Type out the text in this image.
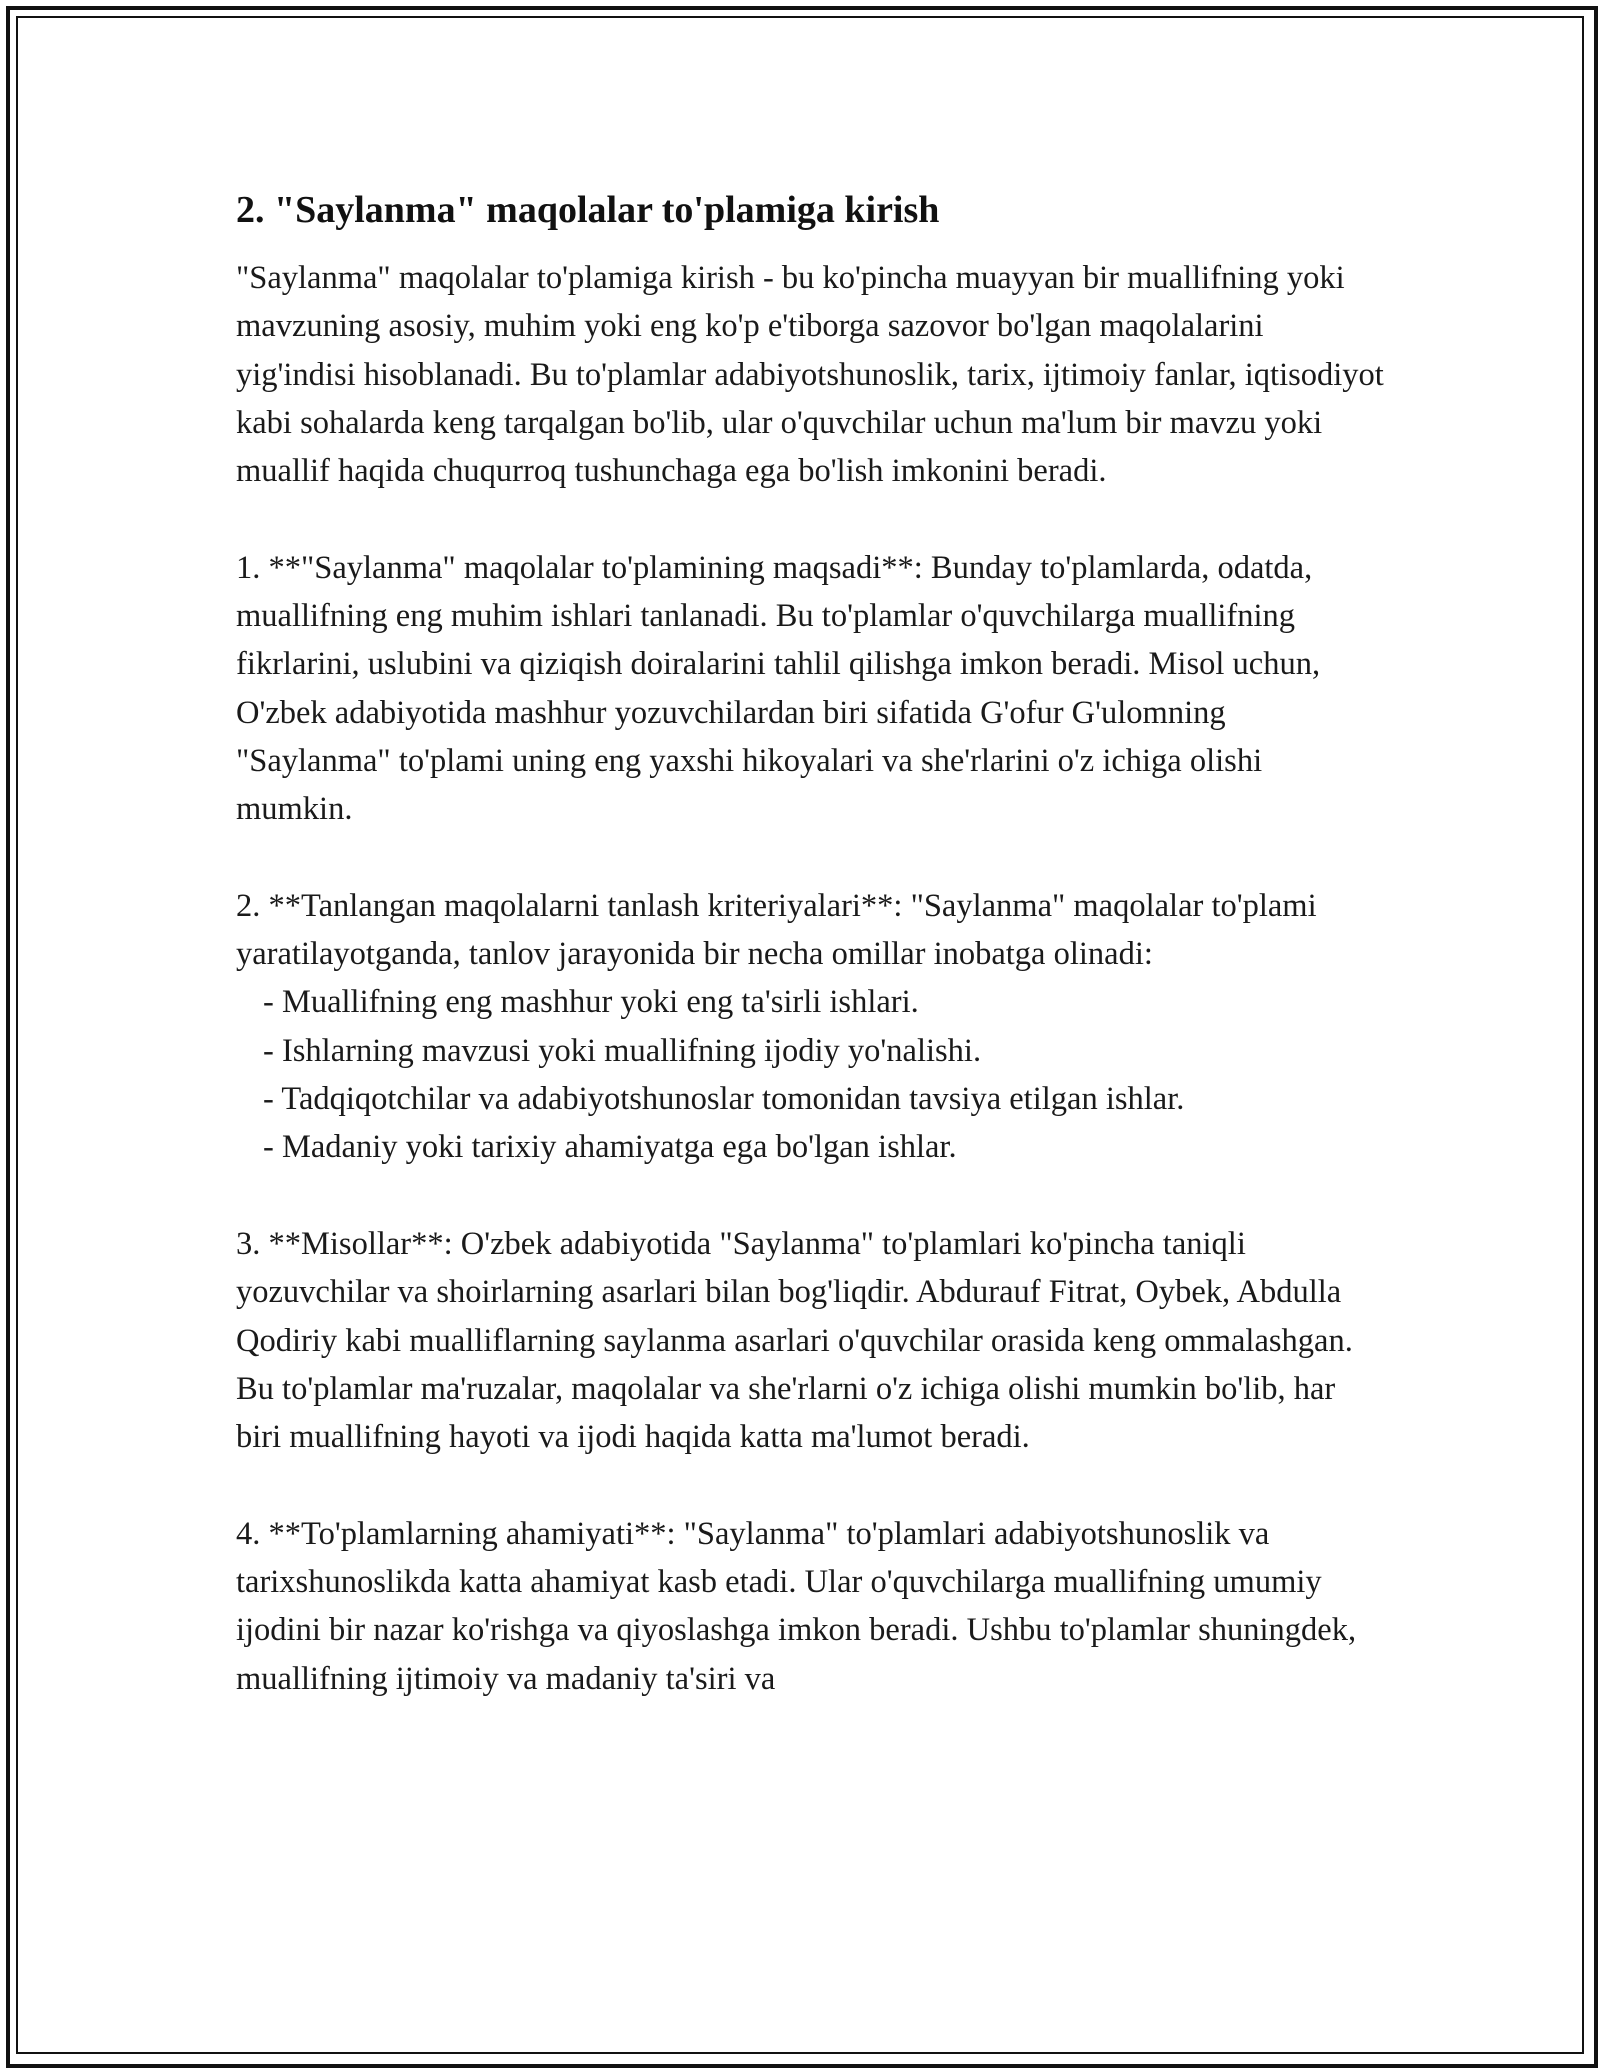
2. "Saylanma" maqolalar to'plamiga kirish

"Saylanma" maqolalar to'plamiga kirish - bu ko'pincha muayyan bir muallifning yoki mavzuning asosiy, muhim yoki eng ko'p e'tiborga sazovor bo'lgan maqolalarini yig'indisi hisoblanadi. Bu to'plamlar adabiyotshunoslik, tarix, ijtimoiy fanlar, iqtisodiyot kabi sohalarda keng tarqalgan bo'lib, ular o'quvchilar uchun ma'lum bir mavzu yoki muallif haqida chuqurroq tushunchaga ega bo'lish imkonini beradi.

1. **"Saylanma" maqolalar to'plamining maqsadi**: Bunday to'plamlarda, odatda, muallifning eng muhim ishlari tanlanadi. Bu to'plamlar o'quvchilarga muallifning fikrlarini, uslubini va qiziqish doiralarini tahlil qilishga imkon beradi. Misol uchun, O'zbek adabiyotida mashhur yozuvchilardan biri sifatida G'ofur G'ulomning "Saylanma" to'plami uning eng yaxshi hikoyalari va she'rlarini o'z ichiga olishi mumkin.

2. **Tanlangan maqolalarni tanlash kriteriyalari**: "Saylanma" maqolalar to'plami yaratilayotganda, tanlov jarayonida bir necha omillar inobatga olinadi:

- Muallifning eng mashhur yoki eng ta'sirli ishlari.

- Ishlarning mavzusi yoki muallifning ijodiy yo'nalishi.

- Tadqiqotchilar va adabiyotshunoslar tomonidan tavsiya etilgan ishlar.

- Madaniy yoki tarixiy ahamiyatga ega bo'lgan ishlar.

3. **Misollar**: O'zbek adabiyotida "Saylanma" to'plamlari ko'pincha taniqli yozuvchilar va shoirlarning asarlari bilan bog'liqdir. Abdurauf Fitrat, Oybek, Abdulla Qodiriy kabi mualliflarning saylanma asarlari o'quvchilar orasida keng ommalashgan. Bu to'plamlar ma'ruzalar, maqolalar va she'rlarni o'z ichiga olishi mumkin bo'lib, har biri muallifning hayoti va ijodi haqida katta ma'lumot beradi.

4. **To'plamlarning ahamiyati**: "Saylanma" to'plamlari adabiyotshunoslik va tarixshunoslikda katta ahamiyat kasb etadi. Ular o'quvchilarga muallifning umumiy ijodini bir nazar ko'rishga va qiyoslashga imkon beradi. Ushbu to'plamlar shuningdek, muallifning ijtimoiy va madaniy ta'siri va
